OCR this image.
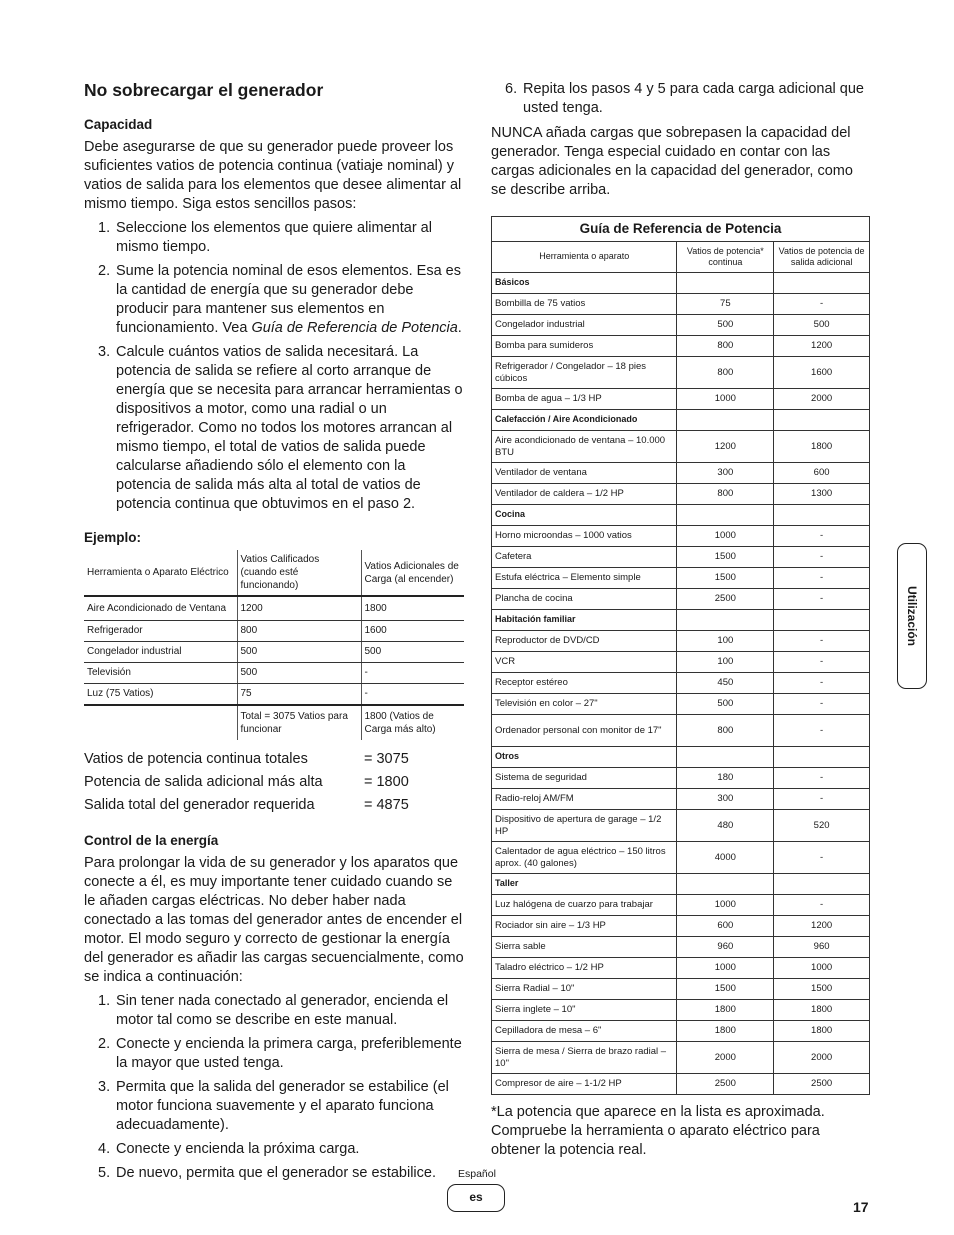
No sobrecargar el generador
Capacidad

Debe asegurarse de que su generador puede proveer los suficientes vatios de potencia continua (vatiaje nominal) y vatios de salida para los elementos que desee alimentar al mismo tiempo. Siga estos sencillos pasos:

1. Seleccione los elementos que quiere alimentar al mismo tiempo.
2. Sume la potencia nominal de esos elementos. Esa es la cantidad de energía que su generador debe producir para mantener sus elementos en funcionamiento. Vea Guía de Referencia de Potencia.
3. Calcule cuántos vatios de salida necesitará. La potencia de salida se refiere al corto arranque de energía que se necesita para arrancar herramientas o dispositivos a motor, como una radial o un refrigerador. Como no todos los motores arrancan al mismo tiempo, el total de vatios de salida puede calcularse añadiendo sólo el elemento con la potencia de salida más alta al total de vatios de potencia continua que obtuvimos en el paso 2.
Ejemplo:
Herramienta o Aparato Eléctrico	Vatios Calificados (cuando esté funcionando)	Vatios Adicionales de Carga (al encender)
Aire Acondicionado de Ventana	1200	1800
Refrigerador	800	1600
Congelador industrial	500	500
Televisión	500	-
Luz (75 Vatios)	75	-
	Total = 3075 Vatios para funcionar	1800 (Vatios de Carga más alto)
Vatios de potencia continua totales	= 3075
Potencia de salida adicional más alta	= 1800
Salida total del generador requerida	= 4875
Control de la energía

Para prolongar la vida de su generador y los aparatos que conecte a él, es muy importante tener cuidado cuando se le añaden cargas eléctricas. No deber haber nada conectado a las tomas del generador antes de encender el motor. El modo seguro y correcto de gestionar la energía del generador es añadir las cargas secuencialmente, como se indica a continuación:

1. Sin tener nada conectado al generador, encienda el motor tal como se describe en este manual.
2. Conecte y encienda la primera carga, preferiblemente la mayor que usted tenga.
3. Permita que la salida del generador se estabilice (el motor funciona suavemente y el aparato funciona adecuadamente).
4. Conecte y encienda la próxima carga.
5. De nuevo, permita que el generador se estabilice.
6. Repita los pasos 4 y 5 para cada carga adicional que usted tenga.

NUNCA añada cargas que sobrepasen la capacidad del generador. Tenga especial cuidado en contar con las cargas adicionales en la capacidad del generador, como se describe arriba.

Guía de Referencia de Potencia		
Herramienta o aparato	Vatios de potencia* continua	Vatios de potencia de salida adicional
Básicos		
Bombilla de 75 vatios	75	-
Congelador industrial	500	500
Bomba para sumideros	800	1200
Refrigerador / Congelador – 18 pies cúbicos	800	1600
Bomba de agua – 1/3 HP	1000	2000
Calefacción / Aire Acondicionado		
Aire acondicionado de ventana – 10.000 BTU	1200	1800
Ventilador de ventana	300	600
Ventilador de caldera – 1/2 HP	800	1300
Cocina		
Horno microondas – 1000 vatios	1000	-
Cafetera	1500	-
Estufa eléctrica – Elemento simple	1500	-
Plancha de cocina	2500	-
Habitación familiar		
Reproductor de DVD/CD	100	-
VCR	100	-
Receptor estéreo	450	-
Televisión en color – 27"	500	-
Ordenador personal con monitor de 17"	800	-
Otros		
Sistema de seguridad	180	-
Radio-reloj AM/FM	300	-
Dispositivo de apertura de garage – 1/2 HP	480	520
Calentador de agua eléctrico – 150 litros aprox. (40 galones)	4000	-
Taller		
Luz halógena de cuarzo para trabajar	1000	-
Rociador sin aire – 1/3 HP	600	1200
Sierra sable	960	960
Taladro eléctrico – 1/2 HP	1000	1000
Sierra Radial – 10"	1500	1500
Sierra inglete – 10"	1800	1800
Cepilladora de mesa – 6"	1800	1800
Sierra de mesa / Sierra de brazo radial – 10"	2000	2000
Compresor de aire – 1-1/2 HP	2500	2500

*La potencia que aparece en la lista es aproximada. Compruebe la herramienta o aparato eléctrico para obtener la potencia real.

Utilización
Español
es
17
